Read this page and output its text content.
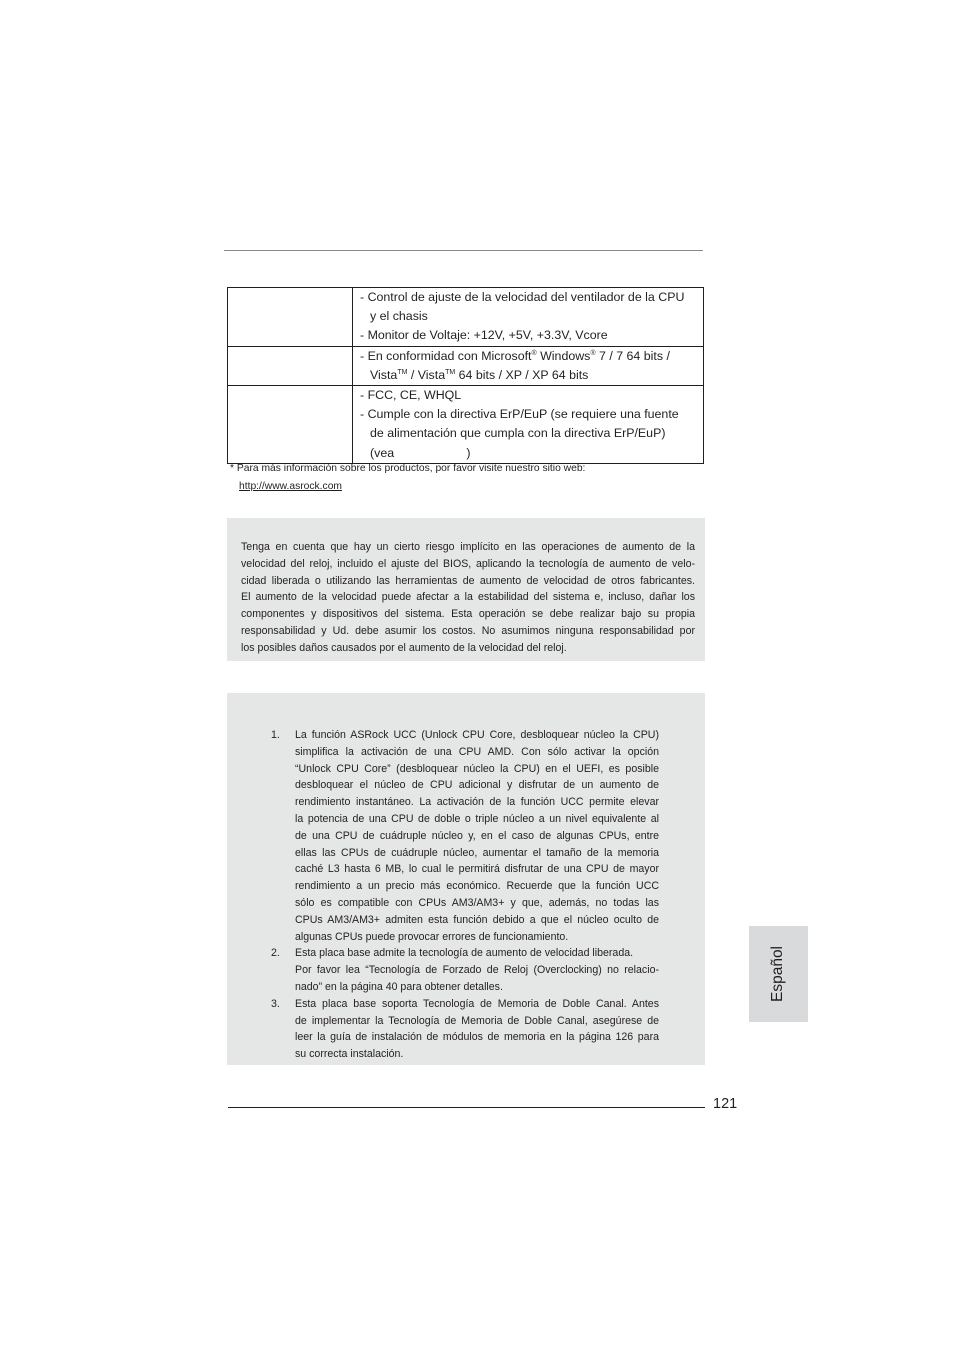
	- Control de ajuste de la velocidad del ventilador de la CPU
y el chasis
- Monitor de Voltaje: +12V, +5V, +3.3V, Vcore

	- En conformidad con Microsoft® Windows® 7 / 7 64 bits /
Vista™ / Vista™ 64 bits / XP / XP 64 bits

	- FCC, CE, WHQL
- Cumple con la directiva ErP/EuP (se requiere una fuente
de alimentación que cumpla con la directiva ErP/EuP)
(vea                     )
* Para más información sobre los productos, por favor visite nuestro sitio web:
http://www.asrock.com

Tenga en cuenta que hay un cierto riesgo implícito en las operaciones de aumento de la
velocidad del reloj, incluido el ajuste del BIOS, aplicando la tecnología de aumento de velo-
cidad liberada o utilizando las herramientas de aumento de velocidad de otros fabricantes.
El aumento de la velocidad puede afectar a la estabilidad del sistema e, incluso, dañar los
componentes y dispositivos del sistema. Esta operación se debe realizar bajo su propia
responsabilidad y Ud. debe asumir los costos. No asumimos ninguna responsabilidad por
los posibles daños causados por el aumento de la velocidad del reloj.

1. La función ASRock UCC (Unlock CPU Core, desbloquear núcleo la CPU)
simplifica la activación de una CPU AMD. Con sólo activar la opción
“Unlock CPU Core” (desbloquear núcleo la CPU) en el UEFI, es posible
desbloquear el núcleo de CPU adicional y disfrutar de un aumento de
rendimiento instantáneo. La activación de la función UCC permite elevar
la potencia de una CPU de doble o triple núcleo a un nivel equivalente al
de una CPU de cuádruple núcleo y, en el caso de algunas CPUs, entre
ellas las CPUs de cuádruple núcleo, aumentar el tamaño de la memoria
caché L3 hasta 6 MB, lo cual le permitirá disfrutar de una CPU de mayor
rendimiento a un precio más económico. Recuerde que la función UCC
sólo es compatible con CPUs AM3/AM3+ y que, además, no todas las
CPUs AM3/AM3+ admiten esta función debido a que el núcleo oculto de
algunas CPUs puede provocar errores de funcionamiento.
2. Esta placa base admite la tecnología de aumento de velocidad liberada.
Por favor lea “Tecnología de Forzado de Reloj (Overclocking) no relacio-
nado” en la página 40 para obtener detalles.
3. Esta placa base soporta Tecnología de Memoria de Doble Canal. Antes
de implementar la Tecnología de Memoria de Doble Canal, asegúrese de
leer la guía de instalación de módulos de memoria en la página 126 para
su correcta instalación.
Español
121
